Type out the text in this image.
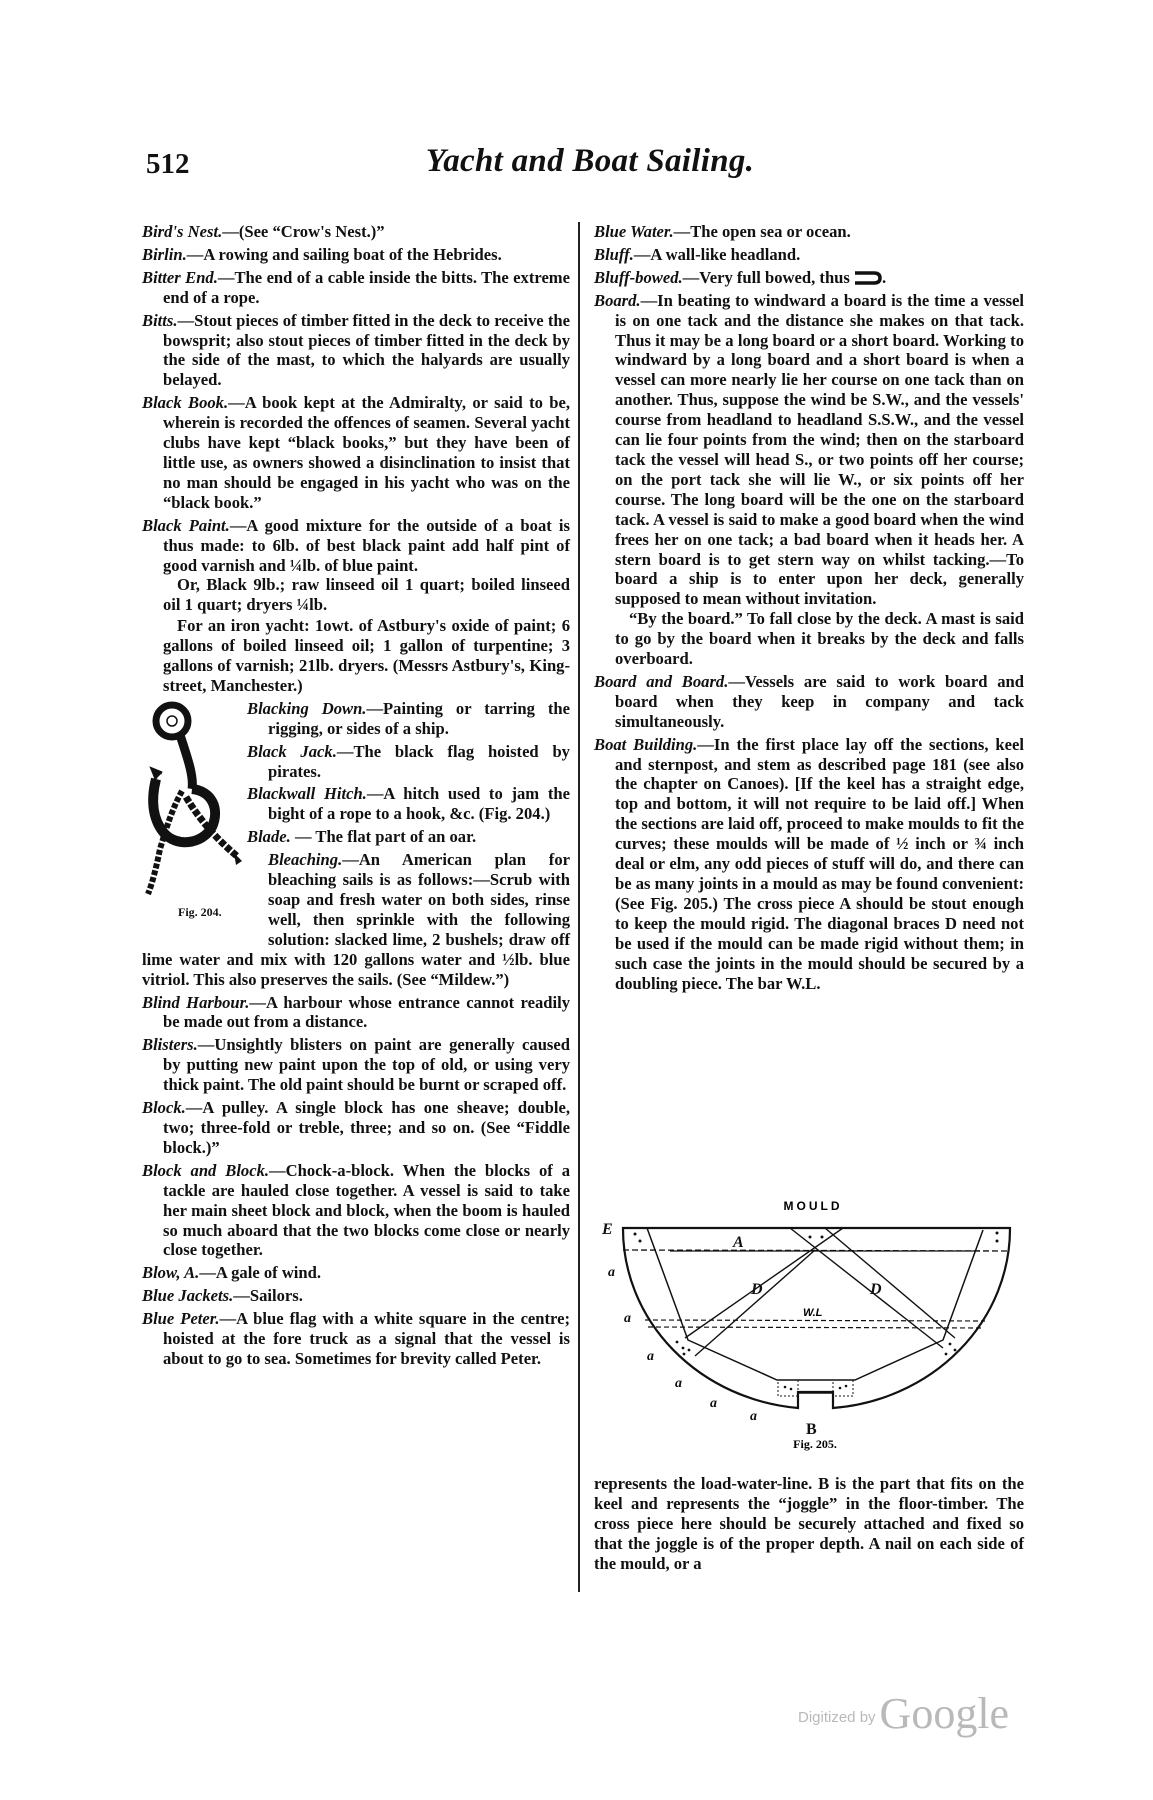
512	Yacht and Boat Sailing.

Bird's Nest.—(See “Crow's Nest.)”

Birlin.—A rowing and sailing boat of the Hebrides.

Bitter End.—The end of a cable inside the bitts. The extreme end of a rope.

Bitts.—Stout pieces of timber fitted in the deck to receive the bowsprit; also stout pieces of timber fitted in the deck by the side of the mast, to which the halyards are usually belayed.

Black Book.—A book kept at the Admiralty, or said to be, wherein is recorded the offences of seamen. Several yacht clubs have kept “black books,” but they have been of little use, as owners showed a disinclination to insist that no man should be engaged in his yacht who was on the “black book.”

Black Paint.—A good mixture for the outside of a boat is thus made: to 6lb. of best black paint add half pint of good varnish and ¼lb. of blue paint.

Or, Black 9lb.; raw linseed oil 1 quart; boiled linseed oil 1 quart; dryers ¼lb.

For an iron yacht: 1owt. of Astbury's oxide of paint; 6 gallons of boiled linseed oil; 1 gallon of turpentine; 3 gallons of varnish; 21lb. dryers. (Messrs Astbury's, King-street, Manchester.)

Fig. 204.

Blacking Down.—Painting or tarring the rigging, or sides of a ship.

Black Jack.—The black flag hoisted by pirates.

Blackwall Hitch.—A hitch used to jam the bight of a rope to a hook, &c. (Fig. 204.)

Blade. — The flat part of an oar.

Bleaching.—An American plan for bleaching sails is as follows:—Scrub with soap and fresh water on both sides, rinse well, then sprinkle with the following solution: slacked lime, 2 bushels; draw off lime water and mix with 120 gallons water and ½lb. blue vitriol. This also preserves the sails. (See “Mildew.”)

Blind Harbour.—A harbour whose entrance cannot readily be made out from a distance.

Blisters.—Unsightly blisters on paint are generally caused by putting new paint upon the top of old, or using very thick paint. The old paint should be burnt or scraped off.

Block.—A pulley. A single block has one sheave; double, two; three-fold or treble, three; and so on. (See “Fiddle block.)”

Block and Block.—Chock-a-block. When the blocks of a tackle are hauled close together. A vessel is said to take her main sheet block and block, when the boom is hauled so much aboard that the two blocks come close or nearly close together.

Blow, A.—A gale of wind.

Blue Jackets.—Sailors.

Blue Peter.—A blue flag with a white square in the centre; hoisted at the fore truck as a signal that the vessel is about to go to sea. Sometimes for brevity called Peter.

Blue Water.—The open sea or ocean.

Bluff.—A wall-like headland.

Bluff-bowed.—Very full bowed, thus .

Board.—In beating to windward a board is the time a vessel is on one tack and the distance she makes on that tack. Thus it may be a long board or a short board. Working to windward by a long board and a short board is when a vessel can more nearly lie her course on one tack than on another. Thus, suppose the wind be S.W., and the vessels' course from headland to headland S.S.W., and the vessel can lie four points from the wind; then on the starboard tack the vessel will head S., or two points off her course; on the port tack she will lie W., or six points off her course. The long board will be the one on the starboard tack. A vessel is said to make a good board when the wind frees her on one tack; a bad board when it heads her. A stern board is to get stern way on whilst tacking.—To board a ship is to enter upon her deck, generally supposed to mean without invitation.

“By the board.” To fall close by the deck. A mast is said to go by the board when it breaks by the deck and falls overboard.

Board and Board.—Vessels are said to work board and board when they keep in company and tack simultaneously.

Boat Building.—In the first place lay off the sections, keel and sternpost, and stem as described page 181 (see also the chapter on Canoes). [If the keel has a straight edge, top and bottom, it will not require to be laid off.] When the sections are laid off, proceed to make moulds to fit the curves; these moulds will be made of ½ inch or ¾ inch deal or elm, any odd pieces of stuff will do, and there can be as many joints in a mould as may be found convenient: (See Fig. 205.) The cross piece A should be stout enough to keep the mould rigid. The diagonal braces D need not be used if the mould can be made rigid without them; in such case the joints in the mould should be secured by a doubling piece. The bar W.L.

MOULD
E
A
D	D
B
a
a
a
a
a
a
W.L
Fig. 205.

represents the load-water-line. B is the part that fits on the keel and represents the “joggle” in the floor-timber. The cross piece here should be securely attached and fixed so that the joggle is of the proper depth. A nail on each side of the mould, or a

Digitized by Google
